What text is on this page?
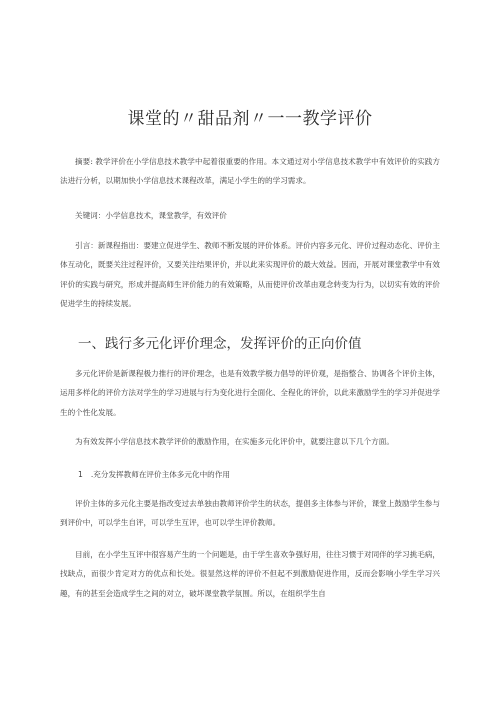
课堂的〃甜品剂〃一一教学评价

摘要: 教学评价在小学信息技术教学中起着很重要的作用。本文通过对小学信息技术教学中有效评价的实践方法进行分析，以期加快小学信息技术课程改革，满足小学生的的学习需求。

关键词：小学信息技术，课堂教学，有效评价

引言：新课程指出：要建立促进学生、教师不断发展的评价体系。评价内容多元化、评价过程动态化、评价主体互动化，既要关注过程评价，又要关注结果评价，并以此来实现评价的最大效益。因而，开展对课堂教学中有效评价的实践与研究，形成并提高师生评价能力的有效策略，从而使评价改革由观念转变为行为，以切实有效的评价促进学生的持续发展。

一、践行多元化评价理念，发挥评价的正向价值

多元化评价是新课程极力推行的评价理念，也是有效教学极力倡导的评价观，是指整合、协调各个评价主体，运用多样化的评价方法对学生的学习进展与行为变化进行全面化、全程化的评价，以此来激励学生的学习并促进学生的个性化发展。

为有效发挥小学信息技术教学评价的激励作用，在实施多元化评价中，就要注意以下几个方面。

1 .充分发挥教师在评价主体多元化中的作用

评价主体的多元化主要是指改变过去单独由教师评价学生的状态，提倡多主体参与评价，课堂上鼓励学生参与到评价中，可以学生自评，可以学生互评，也可以学生评价教师。

目前，在小学生互评中很容易产生的一个问题是，由于学生喜欢争强好用，往往习惯于对同伴的学习挑毛病，找缺点，而很少肯定对方的优点和长处。很显然这样的评价不但起不到激励促进作用，反而会影响小学生学习兴趣，有的甚至会造成学生之间的对立，破坏课堂教学氛围。所以，在组织学生自
